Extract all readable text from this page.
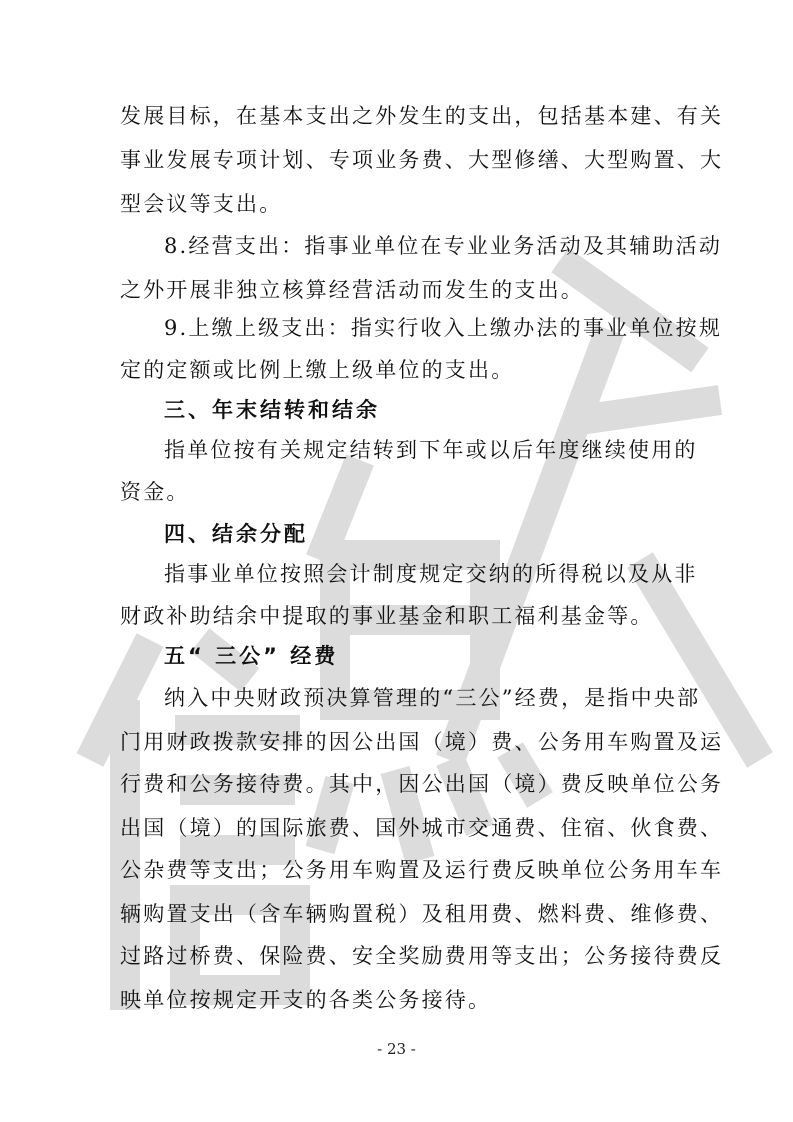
发展目标，在基本支出之外发生的支出，包括基本建、有关
事业发展专项计划、专项业务费、大型修缮、大型购置、大
型会议等支出。
8.经营支出：指事业单位在专业业务活动及其辅助活动
之外开展非独立核算经营活动而发生的支出。
9.上缴上级支出：指实行收入上缴办法的事业单位按规
定的定额或比例上缴上级单位的支出。
三、年末结转和结余
指单位按有关规定结转到下年或以后年度继续使用的
资金。
四、结余分配
指事业单位按照会计制度规定交纳的所得税以及从非
财政补助结余中提取的事业基金和职工福利基金等。
五“ 三公” 经费
纳入中央财政预决算管理的“三公”经费，是指中央部
门用财政拨款安排的因公出国（境）费、公务用车购置及运
行费和公务接待费。其中，因公出国（境）费反映单位公务
出国（境）的国际旅费、国外城市交通费、住宿、伙食费、
公杂费等支出；公务用车购置及运行费反映单位公务用车车
辆购置支出（含车辆购置税）及租用费、燃料费、维修费、
过路过桥费、保险费、安全奖励费用等支出；公务接待费反
映单位按规定开支的各类公务接待。
- 23 -
